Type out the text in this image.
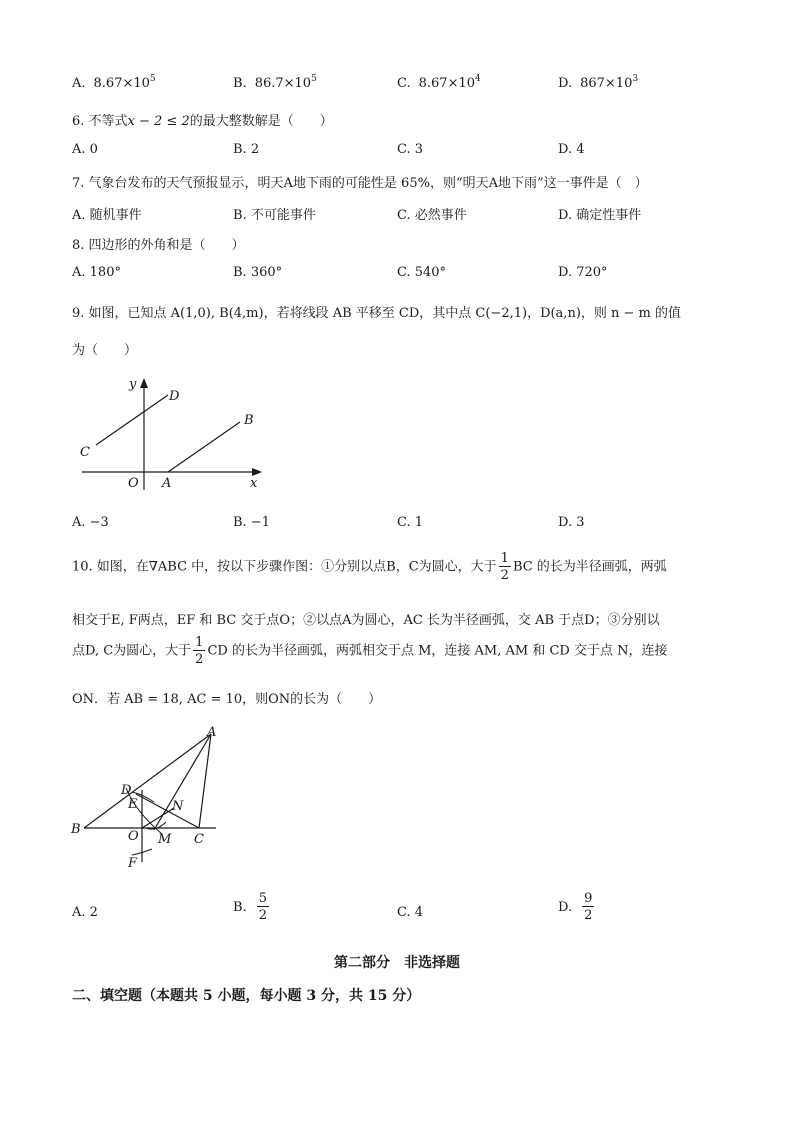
A. $8.67\times 10^5$	B. $86.7\times 10^5$	C. $8.67\times 10^4$	D. $867\times 10^3$
6. 不等式x − 2 ≤ 2的最大整数解是（　　）
A. 0	B. 2	C. 3	D. 4
7. 气象台发布的天气预报显示，明天A地下雨的可能性是 65%，则“明天A地下雨”这一事件是（　）
A. 随机事件	B. 不可能事件	C. 必然事件	D. 确定性事件
8. 四边形的外角和是（　　）
A. 180°	B. 360°	C. 540°	D. 720°
9. 如图，已知点 A(1,0), B(4,m)，若将线段 AB 平移至 CD，其中点 C(−2,1)，D(a,n)，则 n − m 的值
为（　　）
y
x
O A
B
C
D
A. −3	B. −1	C. 1	D. 3
10. 如图，在∇ABC 中，按以下步骤作图：①分别以点B，C为圆心，大于 $\frac{1}{2}$ BC 的长为半径画弧，两弧
相交于E, F两点，EF 和 BC 交于点O；②以点A为圆心，AC 长为半径画弧，交 AB 于点D；③分别以
点D, C为圆心，大于 $\frac{1}{2}$ CD 的长为半径画弧，两弧相交于点 M，连接 AM, AM 和 CD 交于点 N，连接
ON．若 AB = 18, AC = 10，则ON的长为（　　）
A
B
C
D
E
F
O M
N
A. 2	B. $\frac{5}{2}$	C. 4	D. $\frac{9}{2}$
第二部分　非选择题
二、填空题（本题共 5 小题，每小题 3 分，共 15 分）
